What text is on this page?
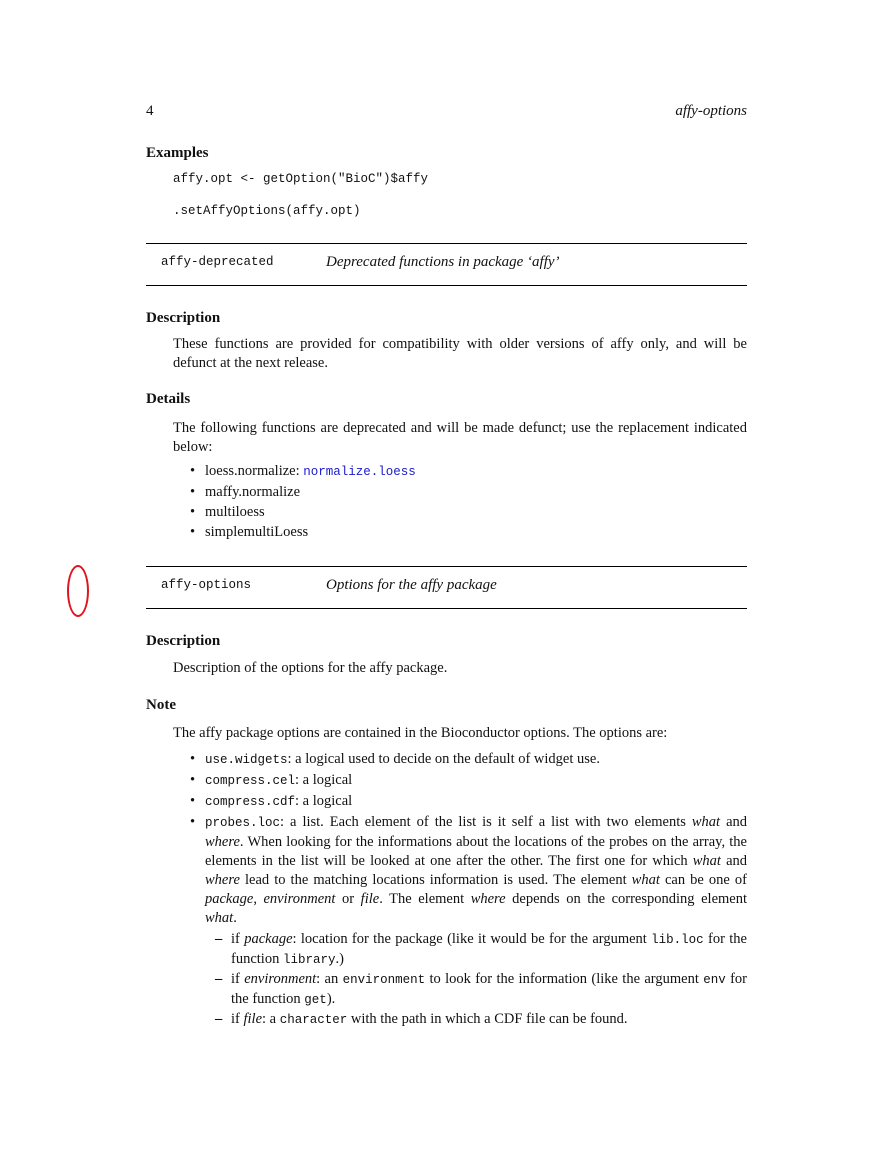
4	affy-options
Examples
affy.opt <- getOption("BioC")$affy
.setAffyOptions(affy.opt)
affy-deprecated	Deprecated functions in package ‘affy’
Description
These functions are provided for compatibility with older versions of affy only, and will be defunct at the next release.
Details
The following functions are deprecated and will be made defunct; use the replacement indicated below:
• loess.normalize: normalize.loess
• maffy.normalize
• multiloess
• simplemultiLoess
affy-options	Options for the affy package
Description
Description of the options for the affy package.
Note
The affy package options are contained in the Bioconductor options. The options are:
• use.widgets: a logical used to decide on the default of widget use.
• compress.cel: a logical
• compress.cdf: a logical
• probes.loc: a list. Each element of the list is it self a list with two elements what and where. When looking for the informations about the locations of the probes on the array, the elements in the list will be looked at one after the other. The first one for which what and where lead to the matching locations information is used. The element what can be one of package, environment or file. The element where depends on the corresponding element what.
– if package: location for the package (like it would be for the argument lib.loc for the function library.)
– if environment: an environment to look for the information (like the argument env for the function get).
– if file: a character with the path in which a CDF file can be found.
